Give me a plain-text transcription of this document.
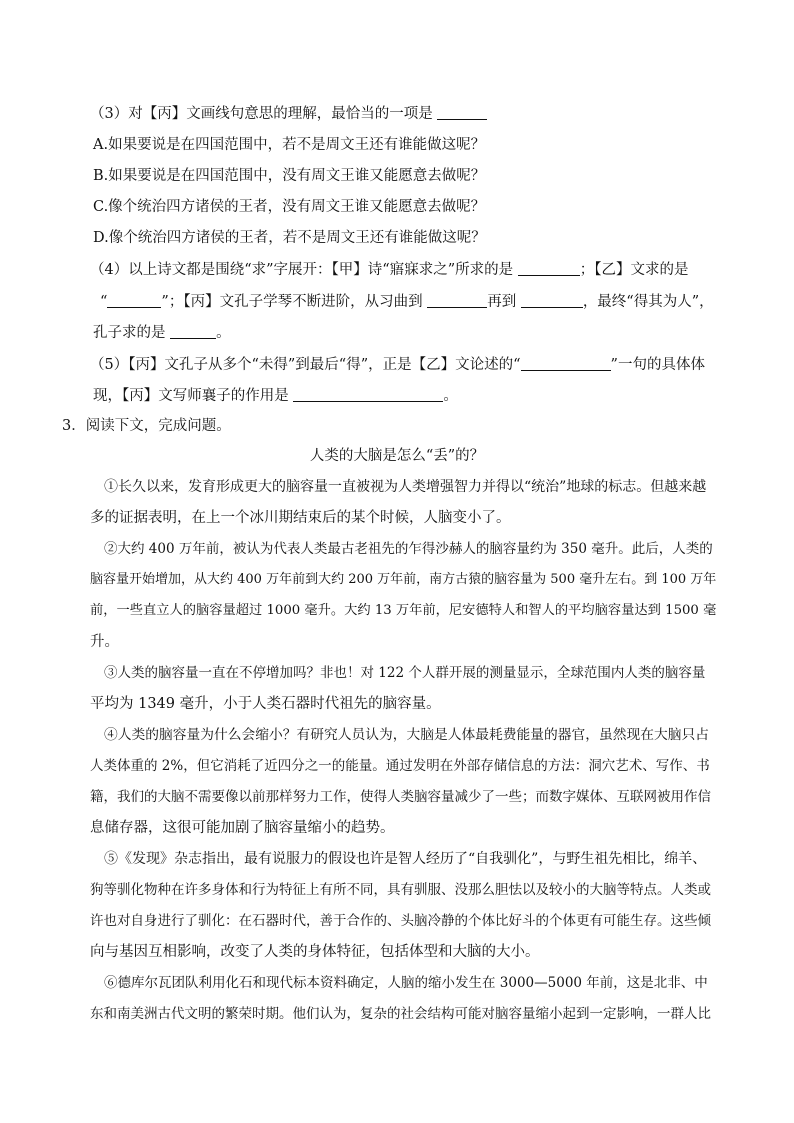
（3）对【丙】文画线句意思的理解，最恰当的一项是
A.如果要说是在四国范围中，若不是周文王还有谁能做这呢？
B.如果要说是在四国范围中，没有周文王谁又能愿意去做呢？
C.像个统治四方诸侯的王者，没有周文王谁又能愿意去做呢？
D.像个统治四方诸侯的王者，若不是周文王还有谁能做这呢？
（4）以上诗文都是围绕“求”字展开：【甲】诗“寤寐求之”所求的是	；【乙】文求的是
“	”；【丙】文孔子学琴不断进阶，从习曲到	再到	，最终“得其为人”，
孔子求的是	。
（5）【丙】文孔子从多个“未得”到最后“得”，正是【乙】文论述的“	”一句的具体体
现，【丙】文写师襄子的作用是	。
3．阅读下文，完成问题。
人类的大脑是怎么“丢”的？
①长久以来，发育形成更大的脑容量一直被视为人类增强智力并得以“统治”地球的标志。但越来越
多的证据表明，在上一个冰川期结束后的某个时候，人脑变小了。
②大约 400 万年前，被认为代表人类最古老祖先的乍得沙赫人的脑容量约为 350 毫升。此后，人类的
脑容量开始增加，从大约 400 万年前到大约 200 万年前，南方古猿的脑容量为 500 毫升左右。到 100 万年
前，一些直立人的脑容量超过 1000 毫升。大约 13 万年前，尼安德特人和智人的平均脑容量达到 1500 毫
升。
③人类的脑容量一直在不停增加吗？非也！对 122 个人群开展的测量显示，全球范围内人类的脑容量
平均为 1349 毫升，小于人类石器时代祖先的脑容量。
④人类的脑容量为什么会缩小？有研究人员认为，大脑是人体最耗费能量的器官，虽然现在大脑只占
人类体重的 2%，但它消耗了近四分之一的能量。通过发明在外部存储信息的方法：洞穴艺术、写作、书
籍，我们的大脑不需要像以前那样努力工作，使得人类脑容量减少了一些；而数字媒体、互联网被用作信
息储存器，这很可能加剧了脑容量缩小的趋势。
⑤《发现》杂志指出，最有说服力的假设也许是智人经历了“自我驯化”，与野生祖先相比，绵羊、
狗等驯化物种在许多身体和行为特征上有所不同，具有驯服、没那么胆怯以及较小的大脑等特点。人类或
许也对自身进行了驯化：在石器时代，善于合作的、头脑冷静的个体比好斗的个体更有可能生存。这些倾
向与基因互相影响，改变了人类的身体特征，包括体型和大脑的大小。
⑥德库尔瓦团队利用化石和现代标本资料确定，人脑的缩小发生在 3000—5000 年前，这是北非、中
东和南美洲古代文明的繁荣时期。他们认为，复杂的社会结构可能对脑容量缩小起到一定影响，一群人比
